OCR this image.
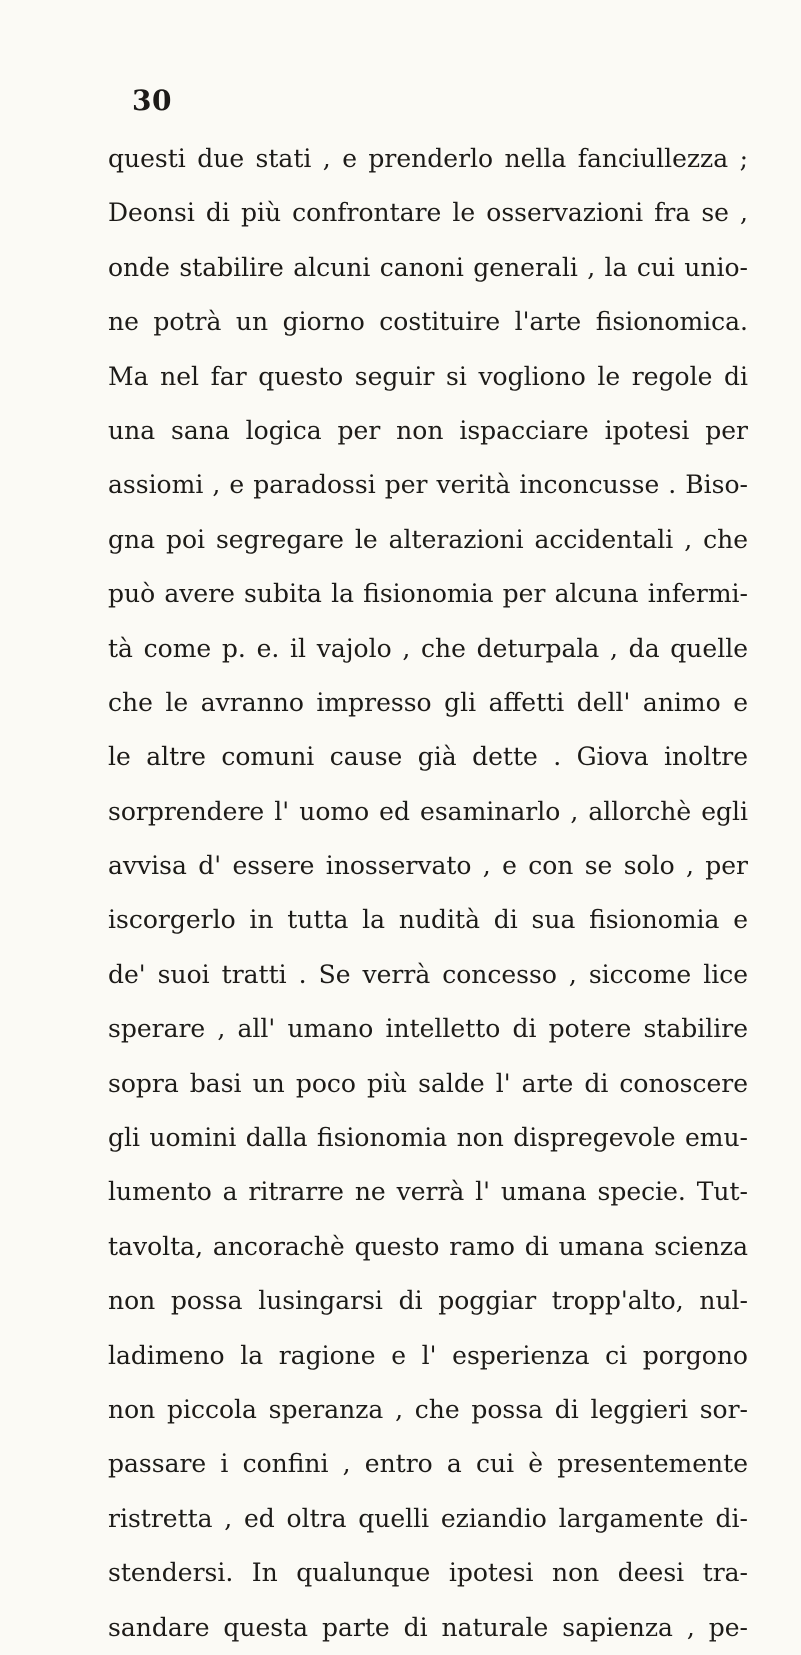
30
questi due stati , e prenderlo nella fanciullezza ;
Deonsi di più confrontare le osservazioni fra se ,
onde stabilire alcuni canoni generali , la cui unio-
ne potrà un giorno costituire l'arte fisionomica.
Ma nel far questo seguir si vogliono le regole di
una sana logica per non ispacciare ipotesi per
assiomi , e paradossi per verità inconcusse . Biso-
gna poi segregare le alterazioni accidentali , che
può avere subita la fisionomia per alcuna infermi-
tà come p. e. il vajolo , che deturpala , da quelle
che le avranno impresso gli affetti dell' animo e
le altre comuni cause già dette . Giova inoltre
sorprendere l' uomo ed esaminarlo , allorchè egli
avvisa d' essere inosservato , e con se solo , per
iscorgerlo in tutta la nudità di sua fisionomia e
de' suoi tratti . Se verrà concesso , siccome lice
sperare , all' umano intelletto di potere stabilire
sopra basi un poco più salde l' arte di conoscere
gli uomini dalla fisionomia non dispregevole emu-
lumento a ritrarre ne verrà l' umana specie. Tut-
tavolta, ancorachè questo ramo di umana scienza
non possa lusingarsi di poggiar tropp'alto, nul-
ladimeno la ragione e l' esperienza ci porgono
non piccola speranza , che possa di leggieri sor-
passare i confini , entro a cui è presentemente
ristretta , ed oltra quelli eziandio largamente di-
stendersi. In qualunque ipotesi non deesi tra-
sandare questa parte di naturale sapienza , pe-
